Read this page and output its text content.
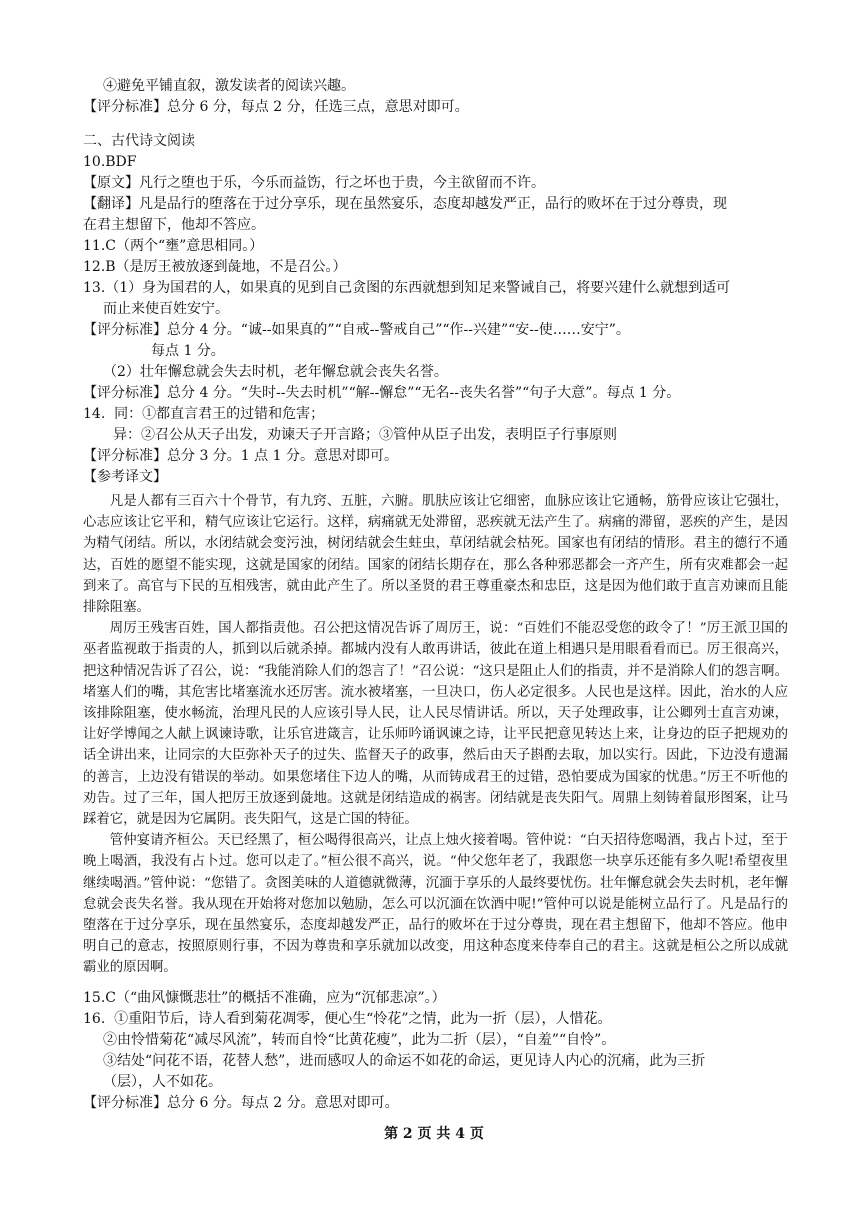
④避免平铺直叙，激发读者的阅读兴趣。
【评分标准】总分 6 分，每点 2 分，任选三点，意思对即可。
二、古代诗文阅读
10.BDF
【原文】凡行之堕也于乐，今乐而益饬，行之坏也于贵，今主欲留而不许。
【翻译】凡是品行的堕落在于过分享乐，现在虽然宴乐，态度却越发严正，品行的败坏在于过分尊贵，现
在君主想留下，他却不答应。
11.C（两个“壅”意思相同。）
12.B（是厉王被放逐到彘地，不是召公。）
13.（1）身为国君的人，如果真的见到自己贪图的东西就想到知足来警诫自己，将要兴建什么就想到适可
而止来使百姓安宁。
【评分标准】总分 4 分。“诚--如果真的”“自戒--警戒自己”“作--兴建”“安--使……安宁”。
每点 1 分。
（2）壮年懈怠就会失去时机，老年懈怠就会丧失名誉。
【评分标准】总分 4 分。“失时--失去时机”“解--懈怠”“无名--丧失名誉”“句子大意”。每点 1 分。
14.  同：①都直言君王的过错和危害；
异：②召公从天子出发，劝谏天子开言路；③管仲从臣子出发，表明臣子行事原则
【评分标准】总分 3 分。1 点 1 分。意思对即可。
【参考译文】

凡是人都有三百六十个骨节，有九窍、五脏，六腑。肌肤应该让它细密，血脉应该让它通畅，筋骨应该让它强壮，心志应该让它平和，精气应该让它运行。这样，病痛就无处滞留，恶疾就无法产生了。病痛的滞留，恶疾的产生，是因为精气闭结。所以，水闭结就会变污浊，树闭结就会生蛀虫，草闭结就会枯死。国家也有闭结的情形。君主的德行不通达，百姓的愿望不能实现，这就是国家的闭结。国家的闭结长期存在，那么各种邪恶都会一齐产生，所有灾难都会一起到来了。高官与下民的互相残害，就由此产生了。所以圣贤的君王尊重豪杰和忠臣，这是因为他们敢于直言劝谏而且能排除阻塞。

周厉王残害百姓，国人都指责他。召公把这情况告诉了周厉王，说：“百姓们不能忍受您的政令了！”厉王派卫国的巫者监视敢于指责的人，抓到以后就杀掉。都城内没有人敢再讲话，彼此在道上相遇只是用眼看看而已。厉王很高兴，把这种情况告诉了召公，说：“我能消除人们的怨言了！”召公说：“这只是阻止人们的指责，并不是消除人们的怨言啊。堵塞人们的嘴，其危害比堵塞流水还厉害。流水被堵塞，一旦决口，伤人必定很多。人民也是这样。因此，治水的人应该排除阻塞，使水畅流，治理凡民的人应该引导人民，让人民尽情讲话。所以，天子处理政事，让公卿列士直言劝谏，让好学博闻之人献上讽谏诗歌，让乐官进箴言，让乐师吟诵讽谏之诗，让平民把意见转达上来，让身边的臣子把规劝的话全讲出来，让同宗的大臣弥补天子的过失、监督天子的政事，然后由天子斟酌去取，加以实行。因此，下边没有遗漏的善言，上边没有错误的举动。如果您堵住下边人的嘴，从而铸成君王的过错，恐怕要成为国家的忧患。”厉王不听他的劝告。过了三年，国人把厉王放逐到彘地。这就是闭结造成的祸害。闭结就是丧失阳气。周鼎上刻铸着鼠形图案，让马踩着它，就是因为它属阴。丧失阳气，这是亡国的特征。

管仲宴请齐桓公。天已经黑了，桓公喝得很高兴，让点上烛火接着喝。管仲说：“白天招待您喝酒，我占卜过，至于晚上喝酒，我没有占卜过。您可以走了。”桓公很不高兴，说。“仲父您年老了，我跟您一块享乐还能有多久呢!希望夜里继续喝酒。”管仲说：“您错了。贪图美味的人道德就微薄，沉湎于享乐的人最终要忧伤。壮年懈怠就会失去时机，老年懈怠就会丧失名誉。我从现在开始将对您加以勉励，怎么可以沉湎在饮酒中呢!”管仲可以说是能树立品行了。凡是品行的堕落在于过分享乐，现在虽然宴乐，态度却越发严正，品行的败坏在于过分尊贵，现在君主想留下，他却不答应。他申明自己的意志，按照原则行事，不因为尊贵和享乐就加以改变，用这种态度来侍奉自己的君主。这就是桓公之所以成就霸业的原因啊。

15.C（“曲风慷慨悲壮”的概括不准确，应为“沉郁悲凉”。）
16.  ①重阳节后，诗人看到菊花凋零，便心生“怜花”之情，此为一折（层），人惜花。
②由怜惜菊花“减尽风流”，转而自怜“比黄花瘦”，此为二折（层），“自羞”“自怜”。
③结处“问花不语，花替人愁”，进而感叹人的命运不如花的命运，更见诗人内心的沉痛，此为三折
（层），人不如花。
【评分标准】总分 6 分。每点 2 分。意思对即可。
第 2 页 共 4 页
